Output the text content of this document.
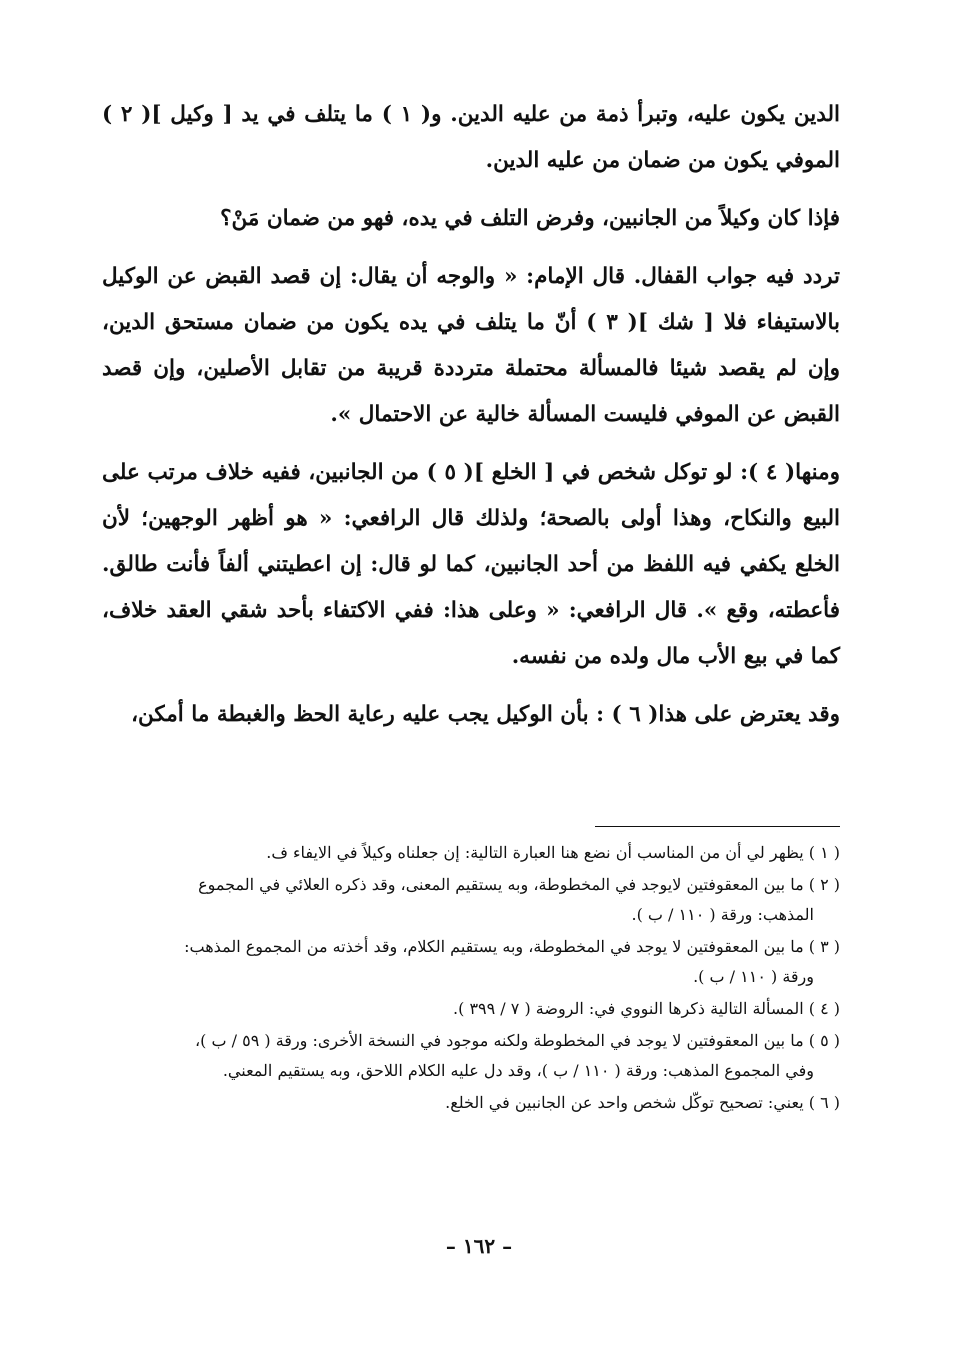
الدين يكون عليه، وتبرأ ذمة من عليه الدين. و( ١ ) ما يتلف في يد [ وكيل ]( ٢ ) الموفي يكون من ضمان من عليه الدين.

فإذا كان وكيلاً من الجانبين، وفرض التلف في يده، فهو من ضمان مَنْ؟

تردد فيه جواب القفال. قال الإمام: « والوجه أن يقال: إن قصد القبض عن الوكيل بالاستيفاء فلا [ شك ]( ٣ ) أنّ ما يتلف في يده يكون من ضمان مستحق الدين، وإن لم يقصد شيئا فالمسألة محتملة مترددة قريبة من تقابل الأصلين، وإن قصد القبض عن الموفي فليست المسألة خالية عن الاحتمال ».

ومنها( ٤ ): لو توكل شخص في [ الخلع ]( ٥ ) من الجانبين، ففيه خلاف مرتب على البيع والنكاح، وهذا أولى بالصحة؛ ولذلك قال الرافعي: « هو أظهر الوجهين؛ لأن الخلع يكفي فيه اللفظ من أحد الجانبين، كما لو قال: إن اعطيتني ألفاً فأنت طالق. فأعطته، وقع ». قال الرافعي: « وعلى هذا: ففي الاكتفاء بأحد شقي العقد خلاف، كما في بيع الأب مال ولده من نفسه.

وقد يعترض على هذا( ٦ ) : بأن الوكيل يجب عليه رعاية الحظ والغبطة ما أمكن،

( ١ ) يظهر لي أن من المناسب أن نضع هنا العبارة التالية: إن جعلناه وكيلاً في الايفاء ف.

( ٢ ) ما بين المعقوفتين لايوجد في المخطوطة، وبه يستقيم المعنى، وقد ذكره العلائي في المجموع
المذهب: ورقة ( ١١٠ / ب ).

( ٣ ) ما بين المعقوفتين لا يوجد في المخطوطة، وبه يستقيم الكلام، وقد أخذته من المجموع المذهب:
ورقة ( ١١٠ / ب ).

( ٤ ) المسألة التالية ذكرها النووي في: الروضة ( ٧ / ٣٩٩ ).

( ٥ ) ما بين المعقوفتين لا يوجد في المخطوطة ولكنه موجود في النسخة الأخرى: ورقة ( ٥٩ / ب )،
وفي المجموع المذهب: ورقة ( ١١٠ / ب )، وقد دل عليه الكلام اللاحق، وبه يستقيم المعني.

( ٦ ) يعني: تصحيح توكّل شخص واحد عن الجانبين في الخلع.

– ١٦٢ –
